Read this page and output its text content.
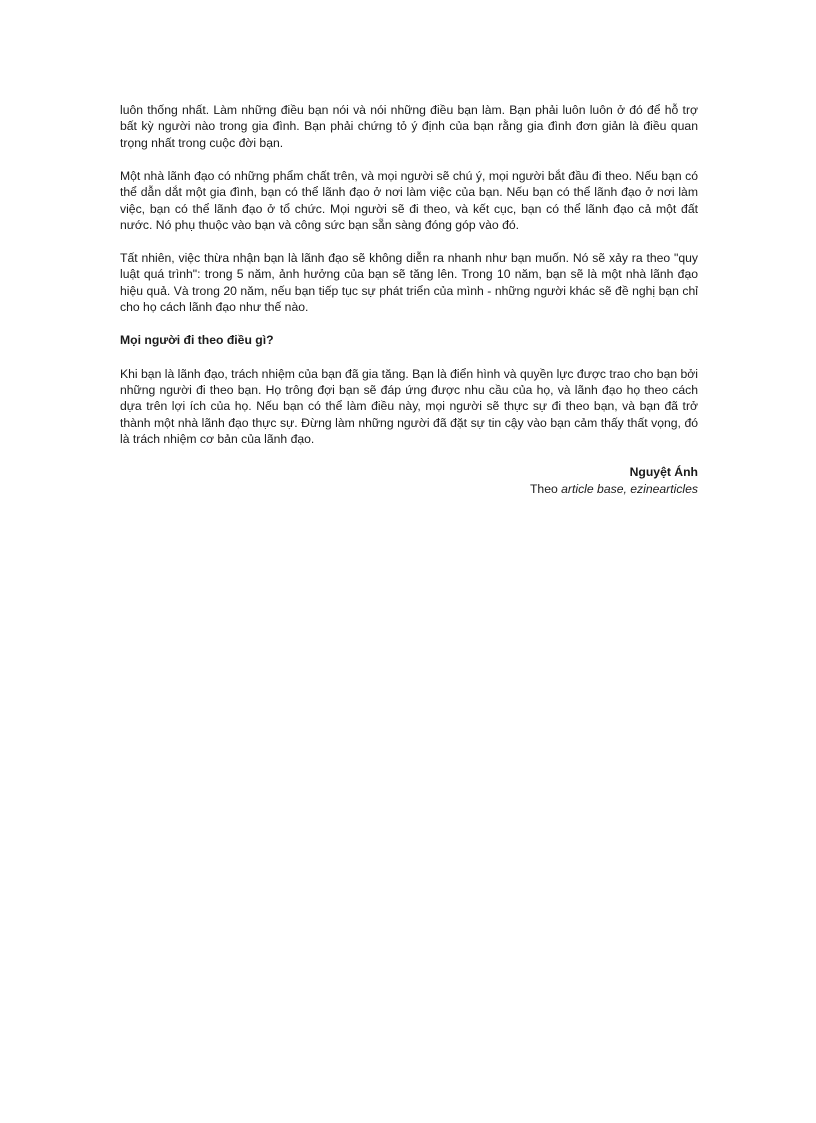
luôn thống nhất. Làm những điều bạn nói và nói những điều bạn làm. Bạn phải luôn luôn ở đó để hỗ trợ bất kỳ người nào trong gia đình. Bạn phải chứng tỏ ý định của bạn rằng gia đình đơn giản là điều quan trọng nhất trong cuộc đời bạn.

Một nhà lãnh đạo có những phẩm chất trên, và mọi người sẽ chú ý, mọi người bắt đầu đi theo. Nếu bạn có thể dẫn dắt một gia đình, bạn có thể lãnh đạo ở nơi làm việc của bạn. Nếu bạn có thể lãnh đạo ở nơi làm việc, bạn có thể lãnh đạo ở tổ chức. Mọi người sẽ đi theo, và kết cục, bạn có thể lãnh đạo cả một đất nước. Nó phụ thuộc vào bạn và công sức bạn sẵn sàng đóng góp vào đó.

Tất nhiên, việc thừa nhận bạn là lãnh đạo sẽ không diễn ra nhanh như bạn muốn. Nó sẽ xảy ra theo "quy luật quá trình": trong 5 năm, ảnh hưởng của bạn sẽ tăng lên. Trong 10 năm, bạn sẽ là một nhà lãnh đạo hiệu quả. Và trong 20 năm, nếu bạn tiếp tục sự phát triển của mình - những người khác sẽ đề nghị bạn chỉ cho họ cách lãnh đạo như thế nào.

Mọi người đi theo điều gì?

Khi bạn là lãnh đạo, trách nhiệm của bạn đã gia tăng. Bạn là điển hình và quyền lực được trao cho bạn bởi những người đi theo bạn. Họ trông đợi bạn sẽ đáp ứng được nhu cầu của họ, và lãnh đạo họ theo cách dựa trên lợi ích của họ. Nếu bạn có thể làm điều này, mọi người sẽ thực sự đi theo bạn, và bạn đã trở thành một nhà lãnh đạo thực sự. Đừng làm những người đã đặt sự tin cậy vào bạn cảm thấy thất vọng, đó là trách nhiệm cơ bản của lãnh đạo.

Nguyệt Ánh
Theo article base, ezinearticles
